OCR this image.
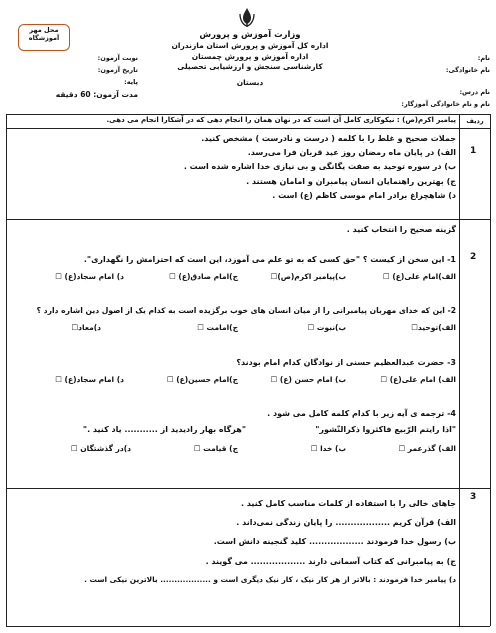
محل مهر آموزشگاه	وزارت آموزش و پرورش
اداره کل آموزش و پرورش استان مازندران
اداره آموزش و پرورش چمستان
کارشناسی سنجش و ارزشیابی تحصیلی
دبستان
نام:
نام خانوادگی:
نام درس:
نام و نام خانوادگی آموزگار:
نوبت آزمون:
تاریخ آزمون:
پایه:
مدت آزمون: 60 دقیقه
ردیف
پیامبر اکرم(ص) : نیکوکاری کامل آن است که در نهان همان را انجام دهی که در آشکارا انجام می دهی.
1
جملات صحیح و غلط را با کلمه ( درست و نادرست ) مشخص کنید.
الف) در پایان ماه رمضان روز عید قربان فرا می‌رسد.
ب) در سوره توحید به صفت یگانگی و بی نیازی خدا اشاره شده است .
ج) بهترین راهنمایان انسان پیامبران و امامان هستند .
د) شاهچراغ برادر امام موسی کاظم (ع) است .
2
گزینه صحیح را انتخاب کنید .
1- این سخن از کیست ؟ "حق کسی که به تو علم می آموزد، این است که احترامش را نگهداری".
الف)امام علی(ع) ☐
ب)پیامبر اکرم(ص)☐
ج)امام صادق(ع) ☐
د) امام سجاد(ع) ☐
2- این که خدای مهربان پیامبرانی را از میان انسان های خوب برگزیده است به کدام یک از اصول دین اشاره دارد ؟
الف)توحید☐
ب)نبوت ☐
ج)امامت ☐
د)معاد☐
3- حضرت عبدالعظیم حسنی از نوادگان کدام امام بودند؟
الف) امام علی(ع) ☐
ب) امام حسن (ع) ☐
ج)امام حسین(ع) ☐
د) امام سجاد(ع) ☐
4- ترجمه ی آیه زیر با کدام کلمه کامل می شود .
"اذا رایتم الرّبیع فاکثروا ذکرالنّشور"
"هرگاه بهار رادیدید از ........... یاد کنید ."
الف) گذرعمر ☐
ب) خدا ☐
ج) قیامت ☐
د)در گذشتگان ☐
3
جاهای خالی را با استفاده از کلمات مناسب کامل کنید .
الف) قرآن کریم .................. را پایان زندگی نمی‌داند .
ب) رسول خدا فرمودند .................. کلید گنجینه دانش است.
ج) به پیامبرانی که کتاب آسمانی دارند .................. می گویند .
د) پیامبر خدا فرمودند : بالاتر از هر کار نیک ، کار نیک دیگری است و .................. بالاترین نیکی است .
